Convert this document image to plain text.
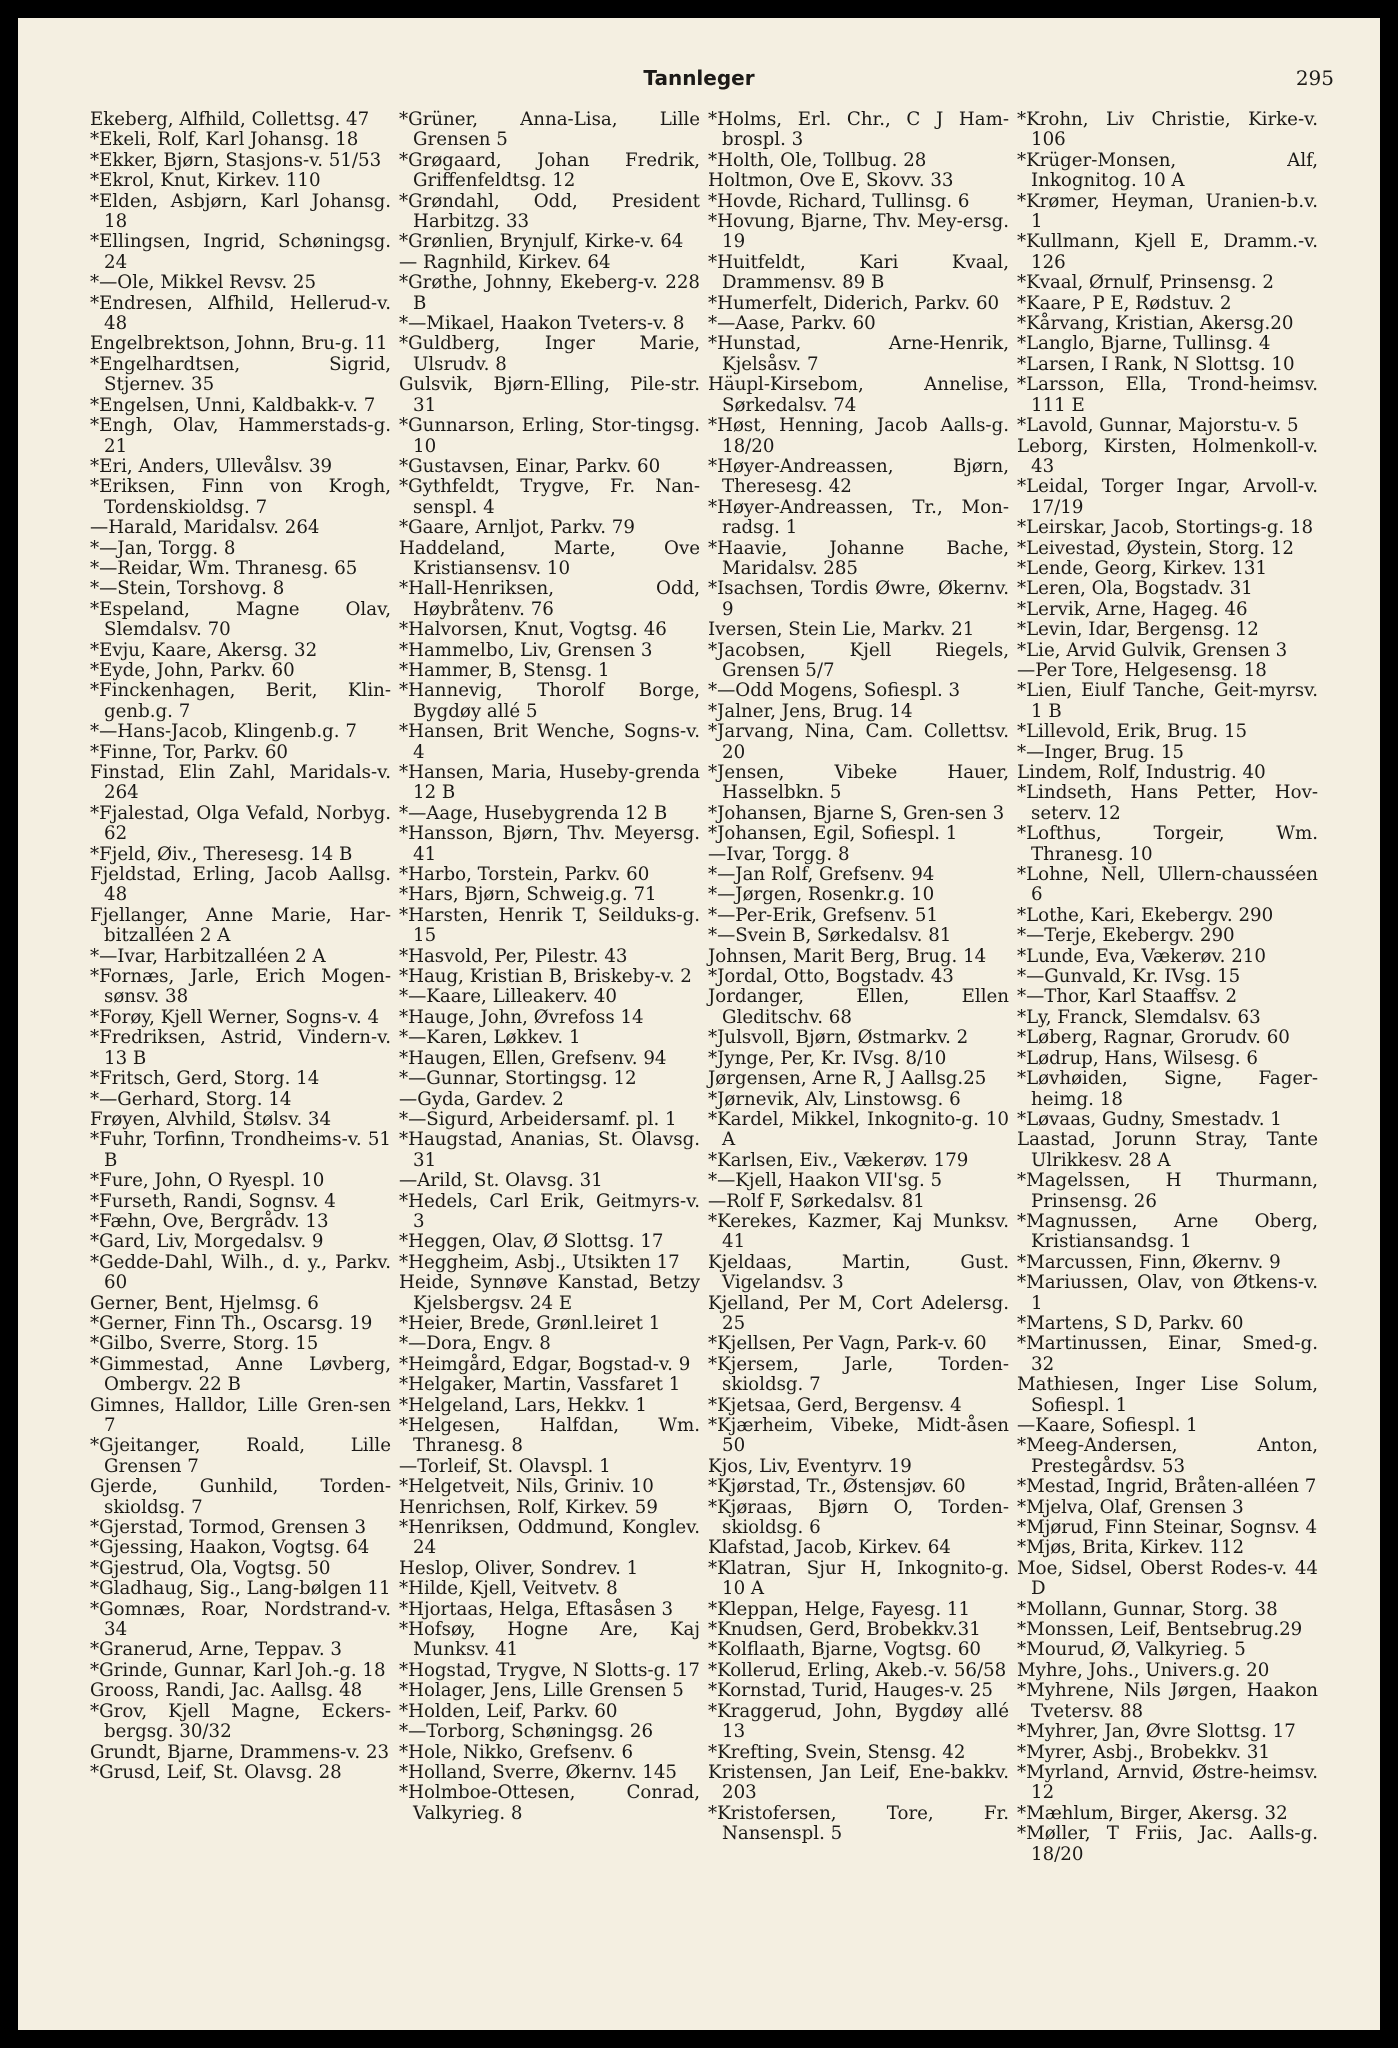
Tannleger	295
Ekeberg, Alfhild, Collettsg. 47
*Ekeli, Rolf, Karl Johansg. 18
*Ekker, Bjørn, Stasjons-v. 51/53
*Ekrol, Knut, Kirkev. 110
*Elden, Asbjørn, Karl Johansg. 18
*Ellingsen, Ingrid, Schøningsg. 24
*—Ole, Mikkel Revsv. 25
*Endresen, Alfhild, Hellerud-v. 48
Engelbrektson, Johnn, Bru-g. 11
*Engelhardtsen, Sigrid, Stjernev. 35
*Engelsen, Unni, Kaldbakk-v. 7
*Engh, Olav, Hammerstads-g. 21
*Eri, Anders, Ullevålsv. 39
*Eriksen, Finn von Krogh, Tordenskioldsg. 7
—Harald, Maridalsv. 264
*—Jan, Torgg. 8
*—Reidar, Wm. Thranesg. 65
*—Stein, Torshovg. 8
*Espeland, Magne Olav, Slemdalsv. 70
*Evju, Kaare, Akersg. 32
*Eyde, John, Parkv. 60
*Finckenhagen, Berit, Klin-genb.g. 7
*—Hans-Jacob, Klingenb.g. 7
*Finne, Tor, Parkv. 60
Finstad, Elin Zahl, Maridals-v. 264
*Fjalestad, Olga Vefald, Norbyg. 62
*Fjeld, Øiv., Theresesg. 14 B
Fjeldstad, Erling, Jacob Aallsg. 48
Fjellanger, Anne Marie, Har-bitzalléen 2 A
*—Ivar, Harbitzalléen 2 A
*Fornæs, Jarle, Erich Mogen-sønsv. 38
*Forøy, Kjell Werner, Sogns-v. 4
*Fredriksen, Astrid, Vindern-v. 13 B
*Fritsch, Gerd, Storg. 14
*—Gerhard, Storg. 14
Frøyen, Alvhild, Stølsv. 34
*Fuhr, Torfinn, Trondheims-v. 51 B
*Fure, John, O Ryespl. 10
*Furseth, Randi, Sognsv. 4
*Fæhn, Ove, Bergrådv. 13
*Gard, Liv, Morgedalsv. 9
*Gedde-Dahl, Wilh., d. y., Parkv. 60
Gerner, Bent, Hjelmsg. 6
*Gerner, Finn Th., Oscarsg. 19
*Gilbo, Sverre, Storg. 15
*Gimmestad, Anne Løvberg, Ombergv. 22 B
Gimnes, Halldor, Lille Gren-sen 7
*Gjeitanger, Roald, Lille Grensen 7
Gjerde, Gunhild, Torden-skioldsg. 7
*Gjerstad, Tormod, Grensen 3
*Gjessing, Haakon, Vogtsg. 64
*Gjestrud, Ola, Vogtsg. 50
*Gladhaug, Sig., Lang-bølgen 11
*Gomnæs, Roar, Nordstrand-v. 34
*Granerud, Arne, Teppav. 3
*Grinde, Gunnar, Karl Joh.-g. 18
Grooss, Randi, Jac. Aallsg. 48
*Grov, Kjell Magne, Eckers-bergsg. 30/32
Grundt, Bjarne, Drammens-v. 23
*Grusd, Leif, St. Olavsg. 28
*Grüner, Anna-Lisa, Lille Grensen 5
*Grøgaard, Johan Fredrik, Griffenfeldtsg. 12
*Grøndahl, Odd, President Harbitzg. 33
*Grønlien, Brynjulf, Kirke-v. 64
— Ragnhild, Kirkev. 64
*Grøthe, Johnny, Ekeberg-v. 228 B
*—Mikael, Haakon Tveters-v. 8
*Guldberg, Inger Marie, Ulsrudv. 8
Gulsvik, Bjørn-Elling, Pile-str. 31
*Gunnarson, Erling, Stor-tingsg. 10
*Gustavsen, Einar, Parkv. 60
*Gythfeldt, Trygve, Fr. Nan-senspl. 4
*Gaare, Arnljot, Parkv. 79
Haddeland, Marte, Ove Kristiansensv. 10
*Hall-Henriksen, Odd, Høybråtenv. 76
*Halvorsen, Knut, Vogtsg. 46
*Hammelbo, Liv, Grensen 3
*Hammer, B, Stensg. 1
*Hannevig, Thorolf Borge, Bygdøy allé 5
*Hansen, Brit Wenche, Sogns-v. 4
*Hansen, Maria, Huseby-grenda 12 B
*—Aage, Husebygrenda 12 B
*Hansson, Bjørn, Thv. Meyersg. 41
*Harbo, Torstein, Parkv. 60
*Hars, Bjørn, Schweig.g. 71
*Harsten, Henrik T, Seilduks-g. 15
*Hasvold, Per, Pilestr. 43
*Haug, Kristian B, Briskeby-v. 2
*—Kaare, Lilleakerv. 40
*Hauge, John, Øvrefoss 14
*—Karen, Løkkev. 1
*Haugen, Ellen, Grefsenv. 94
*—Gunnar, Stortingsg. 12
—Gyda, Gardev. 2
*—Sigurd, Arbeidersamf. pl. 1
*Haugstad, Ananias, St. Olavsg. 31
—Arild, St. Olavsg. 31
*Hedels, Carl Erik, Geitmyrs-v. 3
*Heggen, Olav, Ø Slottsg. 17
*Heggheim, Asbj., Utsikten 17
Heide, Synnøve Kanstad, Betzy Kjelsbergsv. 24 E
*Heier, Brede, Grønl.leiret 1
*—Dora, Engv. 8
*Heimgård, Edgar, Bogstad-v. 9
*Helgaker, Martin, Vassfaret 1
*Helgeland, Lars, Hekkv. 1
*Helgesen, Halfdan, Wm. Thranesg. 8
—Torleif, St. Olavspl. 1
*Helgetveit, Nils, Griniv. 10
Henrichsen, Rolf, Kirkev. 59
*Henriksen, Oddmund, Konglev. 24
Heslop, Oliver, Sondrev. 1
*Hilde, Kjell, Veitvetv. 8
*Hjortaas, Helga, Eftasåsen 3
*Hofsøy, Hogne Are, Kaj Munksv. 41
*Hogstad, Trygve, N Slotts-g. 17
*Holager, Jens, Lille Grensen 5
*Holden, Leif, Parkv. 60
*—Torborg, Schøningsg. 26
*Hole, Nikko, Grefsenv. 6
*Holland, Sverre, Økernv. 145
*Holmboe-Ottesen, Conrad, Valkyrieg. 8
*Holms, Erl. Chr., C J Ham-brospl. 3
*Holth, Ole, Tollbug. 28
Holtmon, Ove E, Skovv. 33
*Hovde, Richard, Tullinsg. 6
*Hovung, Bjarne, Thv. Mey-ersg. 19
*Huitfeldt, Kari Kvaal, Drammensv. 89 B
*Humerfelt, Diderich, Parkv. 60
*—Aase, Parkv. 60
*Hunstad, Arne-Henrik, Kjelsåsv. 7
Häupl-Kirsebom, Annelise, Sørkedalsv. 74
*Høst, Henning, Jacob Aalls-g. 18/20
*Høyer-Andreassen, Bjørn, Theresesg. 42
*Høyer-Andreassen, Tr., Mon-radsg. 1
*Haavie, Johanne Bache, Maridalsv. 285
*Isachsen, Tordis Øwre, Økernv. 9
Iversen, Stein Lie, Markv. 21
*Jacobsen, Kjell Riegels, Grensen 5/7
*—Odd Mogens, Sofiespl. 3
*Jalner, Jens, Brug. 14
*Jarvang, Nina, Cam. Collettsv. 20
*Jensen, Vibeke Hauer, Hasselbkn. 5
*Johansen, Bjarne S, Gren-sen 3
*Johansen, Egil, Sofiespl. 1
—Ivar, Torgg. 8
*—Jan Rolf, Grefsenv. 94
*—Jørgen, Rosenkr.g. 10
*—Per-Erik, Grefsenv. 51
*—Svein B, Sørkedalsv. 81
Johnsen, Marit Berg, Brug. 14
*Jordal, Otto, Bogstadv. 43
Jordanger, Ellen, Ellen Gleditschv. 68
*Julsvoll, Bjørn, Østmarkv. 2
*Jynge, Per, Kr. IVsg. 8/10
Jørgensen, Arne R, J Aallsg.25
*Jørnevik, Alv, Linstowsg. 6
*Kardel, Mikkel, Inkognito-g. 10 A
*Karlsen, Eiv., Vækerøv. 179
*—Kjell, Haakon VII'sg. 5
—Rolf F, Sørkedalsv. 81
*Kerekes, Kazmer, Kaj Munksv. 41
Kjeldaas, Martin, Gust. Vigelandsv. 3
Kjelland, Per M, Cort Adelersg. 25
*Kjellsen, Per Vagn, Park-v. 60
*Kjersem, Jarle, Torden-skioldsg. 7
*Kjetsaa, Gerd, Bergensv. 4
*Kjærheim, Vibeke, Midt-åsen 50
Kjos, Liv, Eventyrv. 19
*Kjørstad, Tr., Østensjøv. 60
*Kjøraas, Bjørn O, Torden-skioldsg. 6
Klafstad, Jacob, Kirkev. 64
*Klatran, Sjur H, Inkognito-g. 10 A
*Kleppan, Helge, Fayesg. 11
*Knudsen, Gerd, Brobekkv.31
*Kolflaath, Bjarne, Vogtsg. 60
*Kollerud, Erling, Akeb.-v. 56/58
*Kornstad, Turid, Hauges-v. 25
*Kraggerud, John, Bygdøy allé 13
*Krefting, Svein, Stensg. 42
Kristensen, Jan Leif, Ene-bakkv. 203
*Kristofersen, Tore, Fr. Nansenspl. 5
*Krohn, Liv Christie, Kirke-v. 106
*Krüger-Monsen, Alf, Inkognitog. 10 A
*Krømer, Heyman, Uranien-b.v. 1
*Kullmann, Kjell E, Dramm.-v. 126
*Kvaal, Ørnulf, Prinsensg. 2
*Kaare, P E, Rødstuv. 2
*Kårvang, Kristian, Akersg.20
*Langlo, Bjarne, Tullinsg. 4
*Larsen, I Rank, N Slottsg. 10
*Larsson, Ella, Trond-heimsv. 111 E
*Lavold, Gunnar, Majorstu-v. 5
Leborg, Kirsten, Holmenkoll-v. 43
*Leidal, Torger Ingar, Arvoll-v. 17/19
*Leirskar, Jacob, Stortings-g. 18
*Leivestad, Øystein, Storg. 12
*Lende, Georg, Kirkev. 131
*Leren, Ola, Bogstadv. 31
*Lervik, Arne, Hageg. 46
*Levin, Idar, Bergensg. 12
*Lie, Arvid Gulvik, Grensen 3
—Per Tore, Helgesensg. 18
*Lien, Eiulf Tanche, Geit-myrsv. 1 B
*Lillevold, Erik, Brug. 15
*—Inger, Brug. 15
Lindem, Rolf, Industrig. 40
*Lindseth, Hans Petter, Hov-seterv. 12
*Lofthus, Torgeir, Wm. Thranesg. 10
*Lohne, Nell, Ullern-chausséen 6
*Lothe, Kari, Ekebergv. 290
*—Terje, Ekebergv. 290
*Lunde, Eva, Vækerøv. 210
*—Gunvald, Kr. IVsg. 15
*—Thor, Karl Staaffsv. 2
*Ly, Franck, Slemdalsv. 63
*Løberg, Ragnar, Grorudv. 60
*Lødrup, Hans, Wilsesg. 6
*Løvhøiden, Signe, Fager-heimg. 18
*Løvaas, Gudny, Smestadv. 1
Laastad, Jorunn Stray, Tante Ulrikkesv. 28 A
*Magelssen, H Thurmann, Prinsensg. 26
*Magnussen, Arne Oberg, Kristiansandsg. 1
*Marcussen, Finn, Økernv. 9
*Mariussen, Olav, von Øtkens-v. 1
*Martens, S D, Parkv. 60
*Martinussen, Einar, Smed-g. 32
Mathiesen, Inger Lise Solum, Sofiespl. 1
—Kaare, Sofiespl. 1
*Meeg-Andersen, Anton, Prestegårdsv. 53
*Mestad, Ingrid, Bråten-alléen 7
*Mjelva, Olaf, Grensen 3
*Mjørud, Finn Steinar, Sognsv. 4
*Mjøs, Brita, Kirkev. 112
Moe, Sidsel, Oberst Rodes-v. 44 D
*Mollann, Gunnar, Storg. 38
*Monssen, Leif, Bentsebrug.29
*Mourud, Ø, Valkyrieg. 5
Myhre, Johs., Univers.g. 20
*Myhrene, Nils Jørgen, Haakon Tvetersv. 88
*Myhrer, Jan, Øvre Slottsg. 17
*Myrer, Asbj., Brobekkv. 31
*Myrland, Arnvid, Østre-heimsv. 12
*Mæhlum, Birger, Akersg. 32
*Møller, T Friis, Jac. Aalls-g. 18/20
